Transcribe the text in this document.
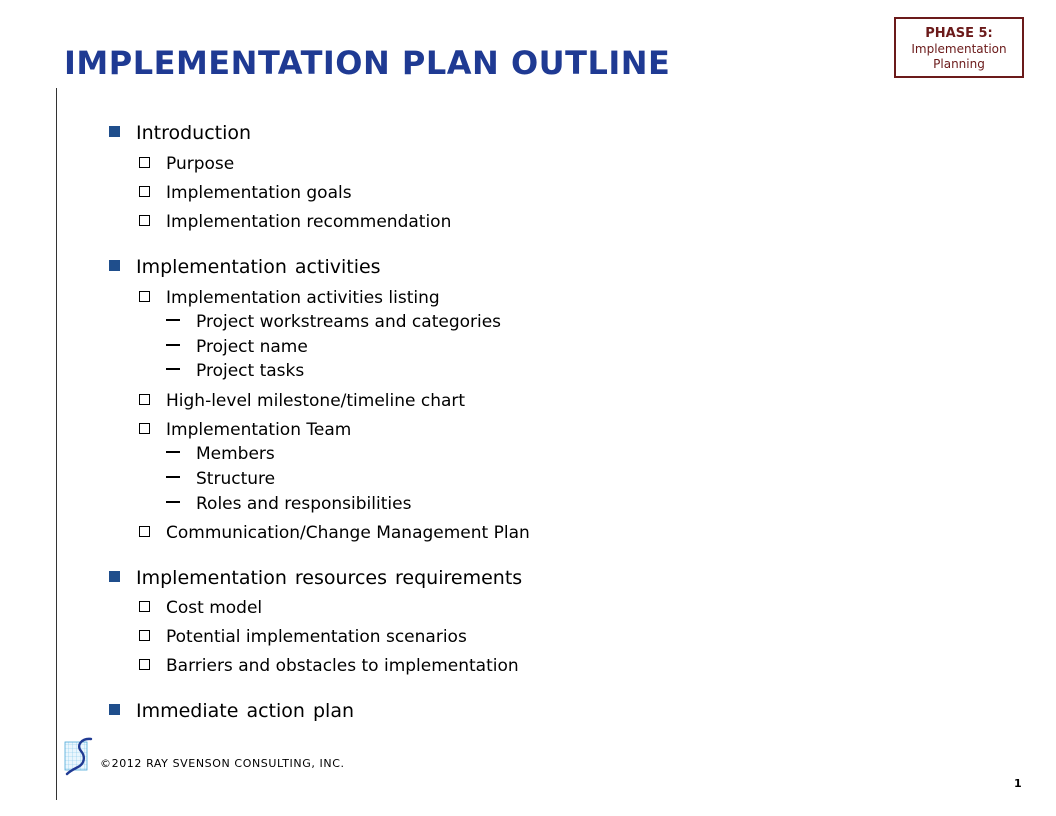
PHASE 5:
Implementation
Planning
IMPLEMENTATION PLAN OUTLINE
Introduction
Purpose
Implementation goals
Implementation recommendation
Implementation activities
Implementation activities listing
Project workstreams and categories
Project name
Project tasks
High-level milestone/timeline chart
Implementation Team
Members
Structure
Roles and responsibilities
Communication/Change Management Plan
Implementation resources requirements
Cost model
Potential implementation scenarios
Barriers and obstacles to implementation
Immediate action plan
©2012 RAY SVENSON CONSULTING, INC.
1
